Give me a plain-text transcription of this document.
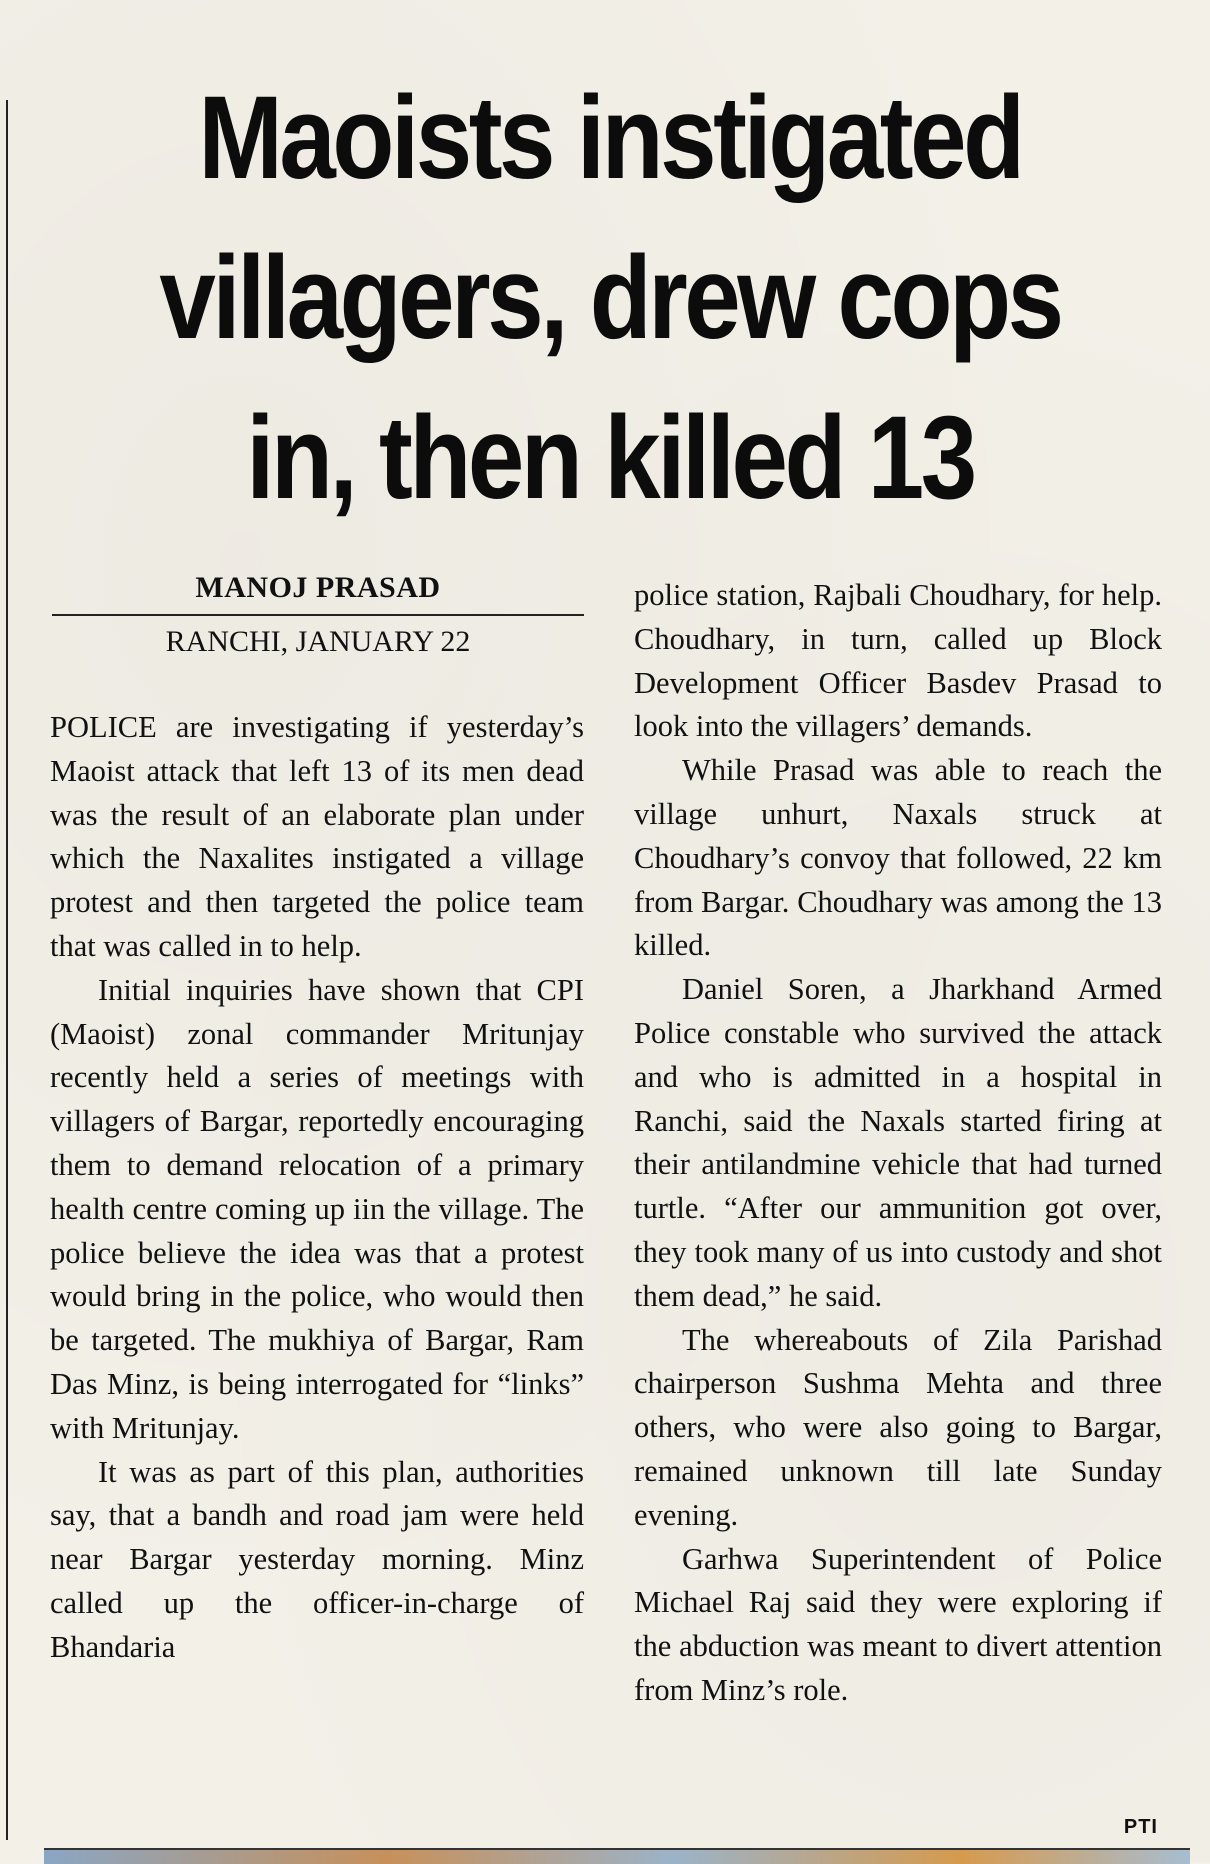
Maoists instigated villagers, drew cops in, then killed 13
MANOJ PRASAD
RANCHI, JANUARY 22

POLICE are investigating if yesterday’s Maoist attack that left 13 of its men dead was the result of an elaborate plan under which the Naxalites instigated a village protest and then targeted the police team that was called in to help.

Initial inquiries have shown that CPI (Maoist) zonal commander Mritunjay recently held a series of meetings with villagers of Bargar, reportedly encouraging them to demand relocation of a primary health centre coming up iin the village. The police believe the idea was that a protest would bring in the police, who would then be targeted. The mukhiya of Bargar, Ram Das Minz, is being interrogated for “links” with Mritunjay.

It was as part of this plan, authorities say, that a bandh and road jam were held near Bargar yesterday morning. Minz called up the officer-in-charge of Bhandaria

police station, Rajbali Choudhary, for help. Choudhary, in turn, called up Block Development Officer Basdev Prasad to look into the villagers’ demands.

While Prasad was able to reach the village unhurt, Naxals struck at Choudhary’s convoy that followed, 22 km from Bargar. Choudhary was among the 13 killed.

Daniel Soren, a Jharkhand Armed Police constable who survived the attack and who is admitted in a hospital in Ranchi, said the Naxals started firing at their antilandmine vehicle that had turned turtle. “After our ammunition got over, they took many of us into custody and shot them dead,” he said.

The whereabouts of Zila Parishad chairperson Sushma Mehta and three others, who were also going to Bargar, remained unknown till late Sunday evening.

Garhwa Superintendent of Police Michael Raj said they were exploring if the abduction was meant to divert attention from Minz’s role.

PTI
